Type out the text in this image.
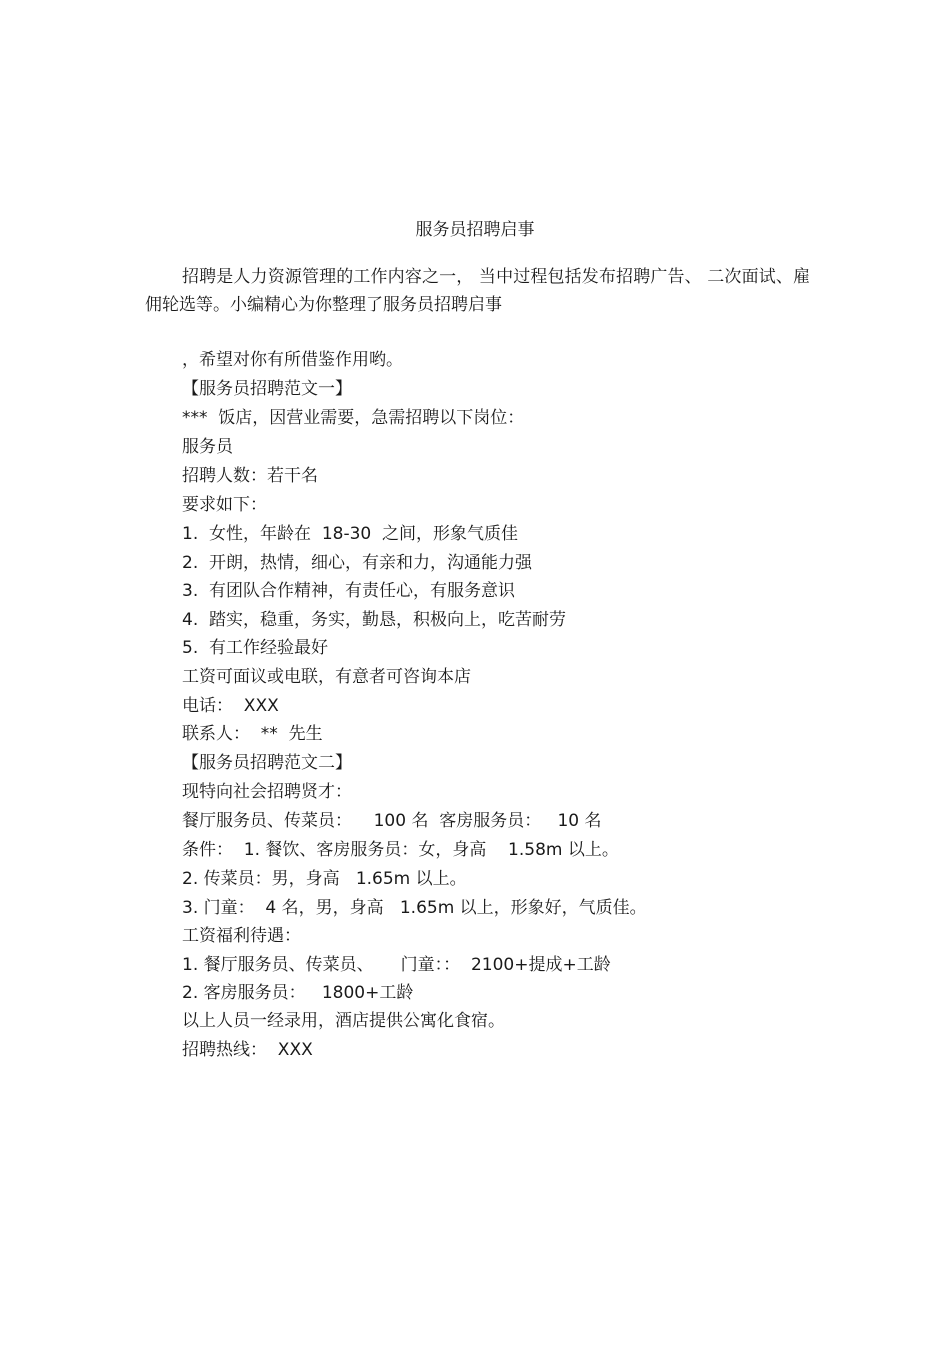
服务员招聘启事
招聘是人力资源管理的工作内容之一， 当中过程包括发布招聘广告、 二次面试、雇佣轮选等。小编精心为你整理了服务员招聘启事
，希望对你有所借鉴作用哟。
【服务员招聘范文一】
***  饭店，因营业需要，急需招聘以下岗位：
服务员
招聘人数：若干名
要求如下：
1.  女性，年龄在  18-30  之间，形象气质佳
2.  开朗，热情，细心，有亲和力，沟通能力强
3.  有团队合作精神，有责任心，有服务意识
4.  踏实，稳重，务实，勤恳，积极向上，吃苦耐劳
5.  有工作经验最好
工资可面议或电联，有意者可咨询本店
电话：  XXX
联系人：  **  先生
【服务员招聘范文二】
现特向社会招聘贤才：
餐厅服务员、传菜员：    100 名  客房服务员：   10 名
条件：  1. 餐饮、客房服务员：女，身高    1.58m 以上。
2. 传菜员：男，身高   1.65m 以上。
3. 门童：  4 名，男，身高   1.65m 以上，形象好，气质佳。
工资福利待遇：
1. 餐厅服务员、传菜员、     门童：：  2100+提成+工龄
2. 客房服务员：   1800+工龄
以上人员一经录用，酒店提供公寓化食宿。
招聘热线：  XXX
